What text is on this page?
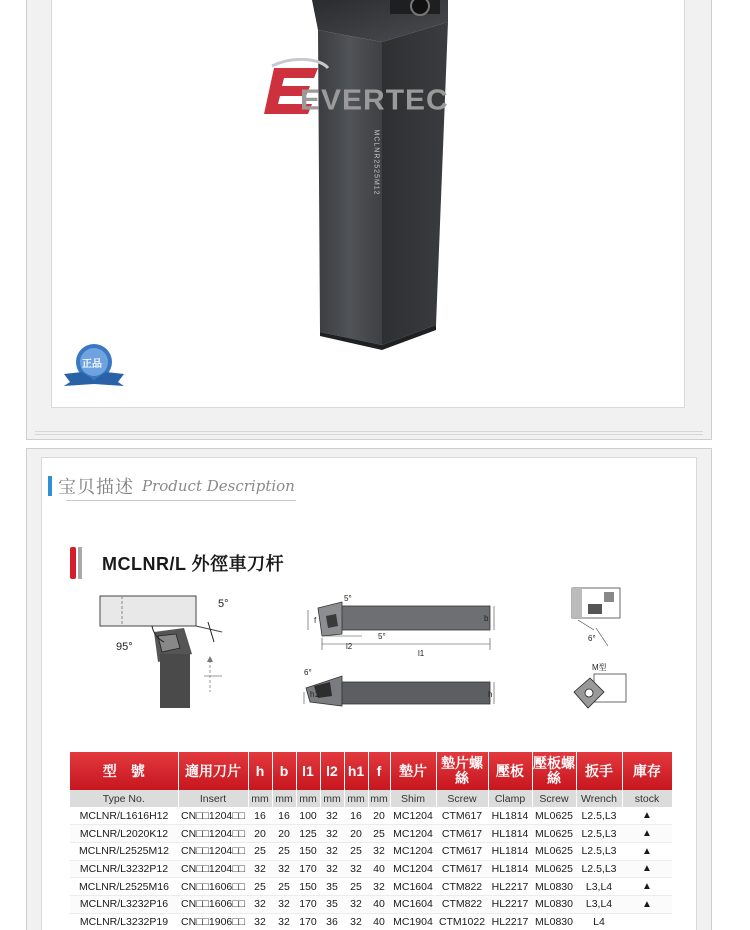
MCLNR2525M12
EVERTEC
正品
宝贝描述 Product Description
MCLNR/L 外徑車刀杆
5°
95°
5°
5°
b
f
l2
l1
6°
h1	h
6°
M型
型　號	適用刀片	h	b	l1	l2	h1	f	墊片	墊片螺絲	壓板	壓板螺絲	扳手	庫存
Type No.	Insert	mm	mm	mm	mm	mm	mm	Shim	Screw	Clamp	Screw	Wrench	stock
MCLNR/L1616H12	CN□□1204□□	16	16	100	32	16	20	MC1204	CTM617	HL1814	ML0625	L2.5,L3	▲
MCLNR/L2020K12	CN□□1204□□	20	20	125	32	20	25	MC1204	CTM617	HL1814	ML0625	L2.5,L3	▲
MCLNR/L2525M12	CN□□1204□□	25	25	150	32	25	32	MC1204	CTM617	HL1814	ML0625	L2.5,L3	▲
MCLNR/L3232P12	CN□□1204□□	32	32	170	32	32	40	MC1204	CTM617	HL1814	ML0625	L2.5,L3	▲
MCLNR/L2525M16	CN□□1606□□	25	25	150	35	25	32	MC1604	CTM822	HL2217	ML0830	L3,L4	▲
MCLNR/L3232P16	CN□□1606□□	32	32	170	35	32	40	MC1604	CTM822	HL2217	ML0830	L3,L4	▲
MCLNR/L3232P19	CN□□1906□□	32	32	170	36	32	40	MC1904	CTM1022	HL2217	ML0830	L4	
